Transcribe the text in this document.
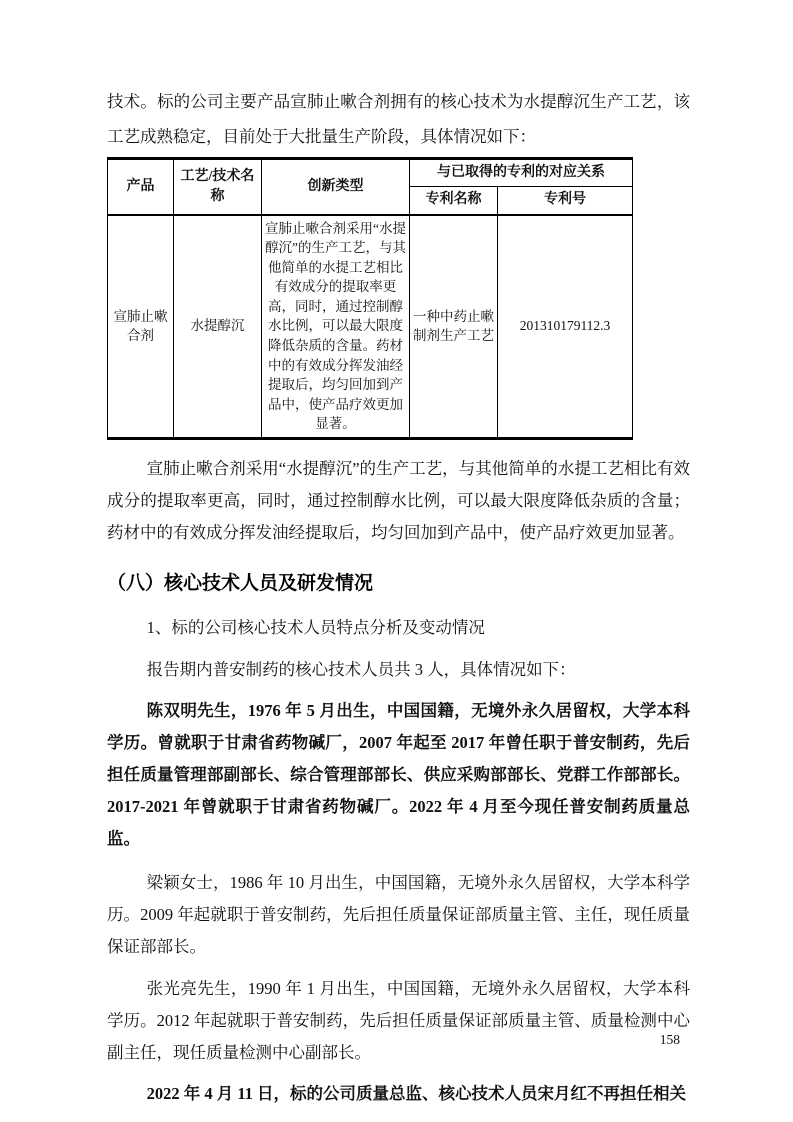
技术。标的公司主要产品宣肺止嗽合剂拥有的核心技术为水提醇沉生产工艺，该工艺成熟稳定，目前处于大批量生产阶段，具体情况如下：

产品	工艺/技术名称	创新类型	与已取得的专利的对应关系	
			专利名称	专利号
宣肺止嗽合剂	水提醇沉	宣肺止嗽合剂采用“水提醇沉”的生产工艺，与其他简单的水提工艺相比有效成分的提取率更高，同时，通过控制醇水比例，可以最大限度降低杂质的含量。药材中的有效成分挥发油经提取后，均匀回加到产品中，使产品疗效更加显著。	一种中药止嗽制剂生产工艺	201310179112.3

宣肺止嗽合剂采用“水提醇沉”的生产工艺，与其他简单的水提工艺相比有效成分的提取率更高，同时，通过控制醇水比例，可以最大限度降低杂质的含量；药材中的有效成分挥发油经提取后，均匀回加到产品中，使产品疗效更加显著。

（八）核心技术人员及研发情况

1、标的公司核心技术人员特点分析及变动情况

报告期内普安制药的核心技术人员共 3 人，具体情况如下：

陈双明先生，1976 年 5 月出生，中国国籍，无境外永久居留权，大学本科学历。曾就职于甘肃省药物碱厂，2007 年起至 2017 年曾任职于普安制药，先后担任质量管理部副部长、综合管理部部长、供应采购部部长、党群工作部部长。2017-2021 年曾就职于甘肃省药物碱厂。2022 年 4 月至今现任普安制药质量总监。

梁颖女士，1986 年 10 月出生，中国国籍，无境外永久居留权，大学本科学历。2009 年起就职于普安制药，先后担任质量保证部质量主管、主任，现任质量保证部部长。

张光亮先生，1990 年 1 月出生，中国国籍，无境外永久居留权，大学本科学历。2012 年起就职于普安制药，先后担任质量保证部质量主管、质量检测中心副主任，现任质量检测中心副部长。

2022 年 4 月 11 日，标的公司质量总监、核心技术人员宋月红不再担任相关

158
